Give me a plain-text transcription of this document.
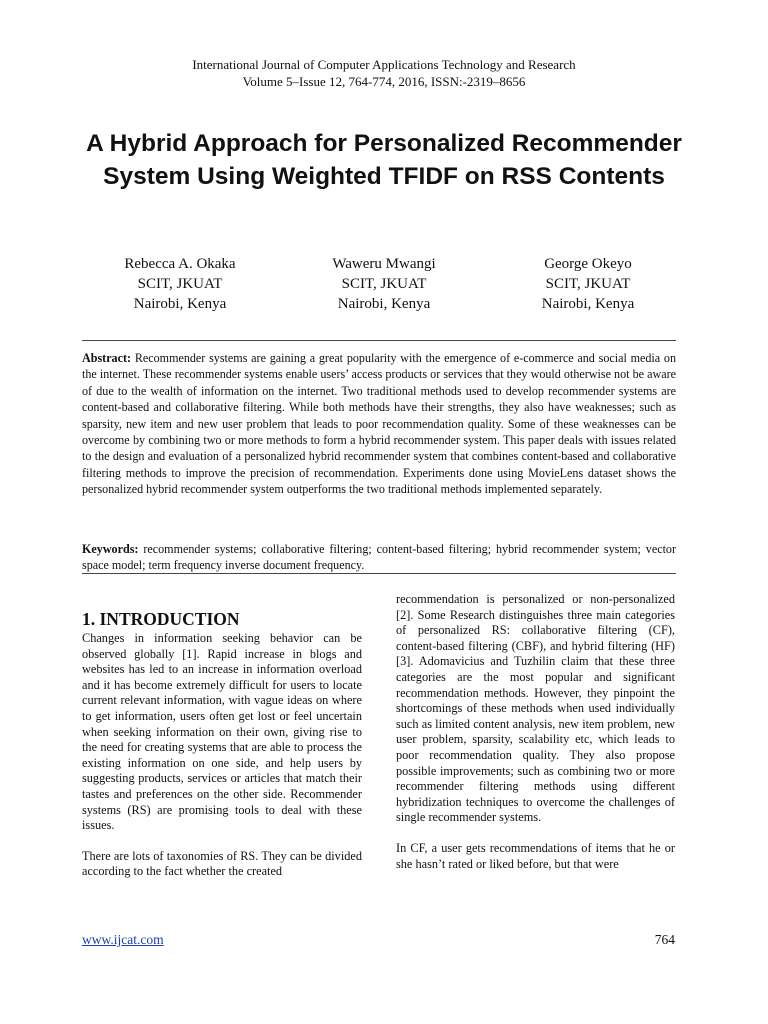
International Journal of Computer Applications Technology and Research
Volume 5–Issue 12, 764-774, 2016, ISSN:-2319–8656
A Hybrid Approach for Personalized Recommender System Using Weighted TFIDF on RSS Contents
Rebecca A. Okaka
SCIT, JKUAT
Nairobi, Kenya
Waweru Mwangi
SCIT, JKUAT
Nairobi, Kenya
George Okeyo
SCIT, JKUAT
Nairobi, Kenya
Abstract: Recommender systems are gaining a great popularity with the emergence of e-commerce and social media on the internet. These recommender systems enable users’ access products or services that they would otherwise not be aware of due to the wealth of information on the internet. Two traditional methods used to develop recommender systems are content-based and collaborative filtering. While both methods have their strengths, they also have weaknesses; such as sparsity, new item and new user problem that leads to poor recommendation quality. Some of these weaknesses can be overcome by combining two or more methods to form a hybrid recommender system. This paper deals with issues related to the design and evaluation of a personalized hybrid recommender system that combines content-based and collaborative filtering methods to improve the precision of recommendation. Experiments done using MovieLens dataset shows the personalized hybrid recommender system outperforms the two traditional methods implemented separately.
Keywords: recommender systems; collaborative filtering; content-based filtering; hybrid recommender system; vector space model; term frequency inverse document frequency.
1. INTRODUCTION

Changes in information seeking behavior can be observed globally [1]. Rapid increase in blogs and websites has led to an increase in information overload and it has become extremely difficult for users to locate current relevant information, with vague ideas on where to get information, users often get lost or feel uncertain when seeking information on their own, giving rise to the need for creating systems that are able to process the existing information on one side, and help users by suggesting products, services or articles that match their tastes and preferences on the other side. Recommender systems (RS) are promising tools to deal with these issues.

There are lots of taxonomies of RS. They can be divided according to the fact whether the created

recommendation is personalized or non-personalized [2]. Some Research distinguishes three main categories of personalized RS: collaborative filtering (CF), content-based filtering (CBF), and hybrid filtering (HF) [3]. Adomavicius and Tuzhilin claim that these three categories are the most popular and significant recommendation methods. However, they pinpoint the shortcomings of these methods when used individually such as limited content analysis, new item problem, new user problem, sparsity, scalability etc, which leads to poor recommendation quality. They also propose possible improvements; such as combining two or more recommender filtering methods using different hybridization techniques to overcome the challenges of single recommender systems.

In CF, a user gets recommendations of items that he or she hasn’t rated or liked before, but that were

www.ijcat.com	764
